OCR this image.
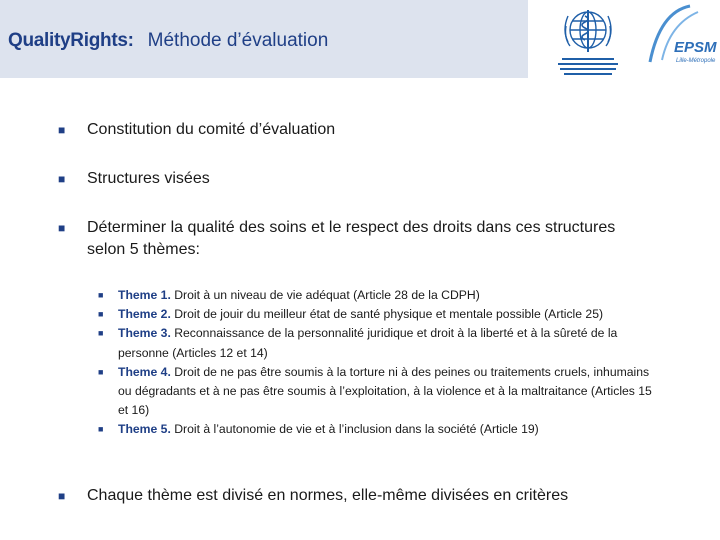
QualityRights: Méthode d’évaluation	EPSM
Lille-Métropole
■ Constitution du comité d’évaluation
■ Structures visées
■ Déterminer la qualité des soins et le respect des droits dans ces structures selon 5 thèmes:
■ Theme 1. Droit à un niveau de vie adéquat (Article 28 de la CDPH)
■ Theme 2. Droit de jouir du meilleur état de santé physique et mentale possible (Article 25)
■ Theme 3. Reconnaissance de la personnalité juridique et droit à la liberté et à la sûreté de la personne (Articles 12 et 14)
■ Theme 4. Droit de ne pas être soumis à la torture ni à des peines ou traitements cruels, inhumains ou dégradants et à ne pas être soumis à l’exploitation, à la violence et à la maltraitance (Articles 15 et 16)
■ Theme 5. Droit à l’autonomie de vie et à l’inclusion dans la société (Article 19)
■ Chaque thème est divisé en normes, elle-même divisées en critères
